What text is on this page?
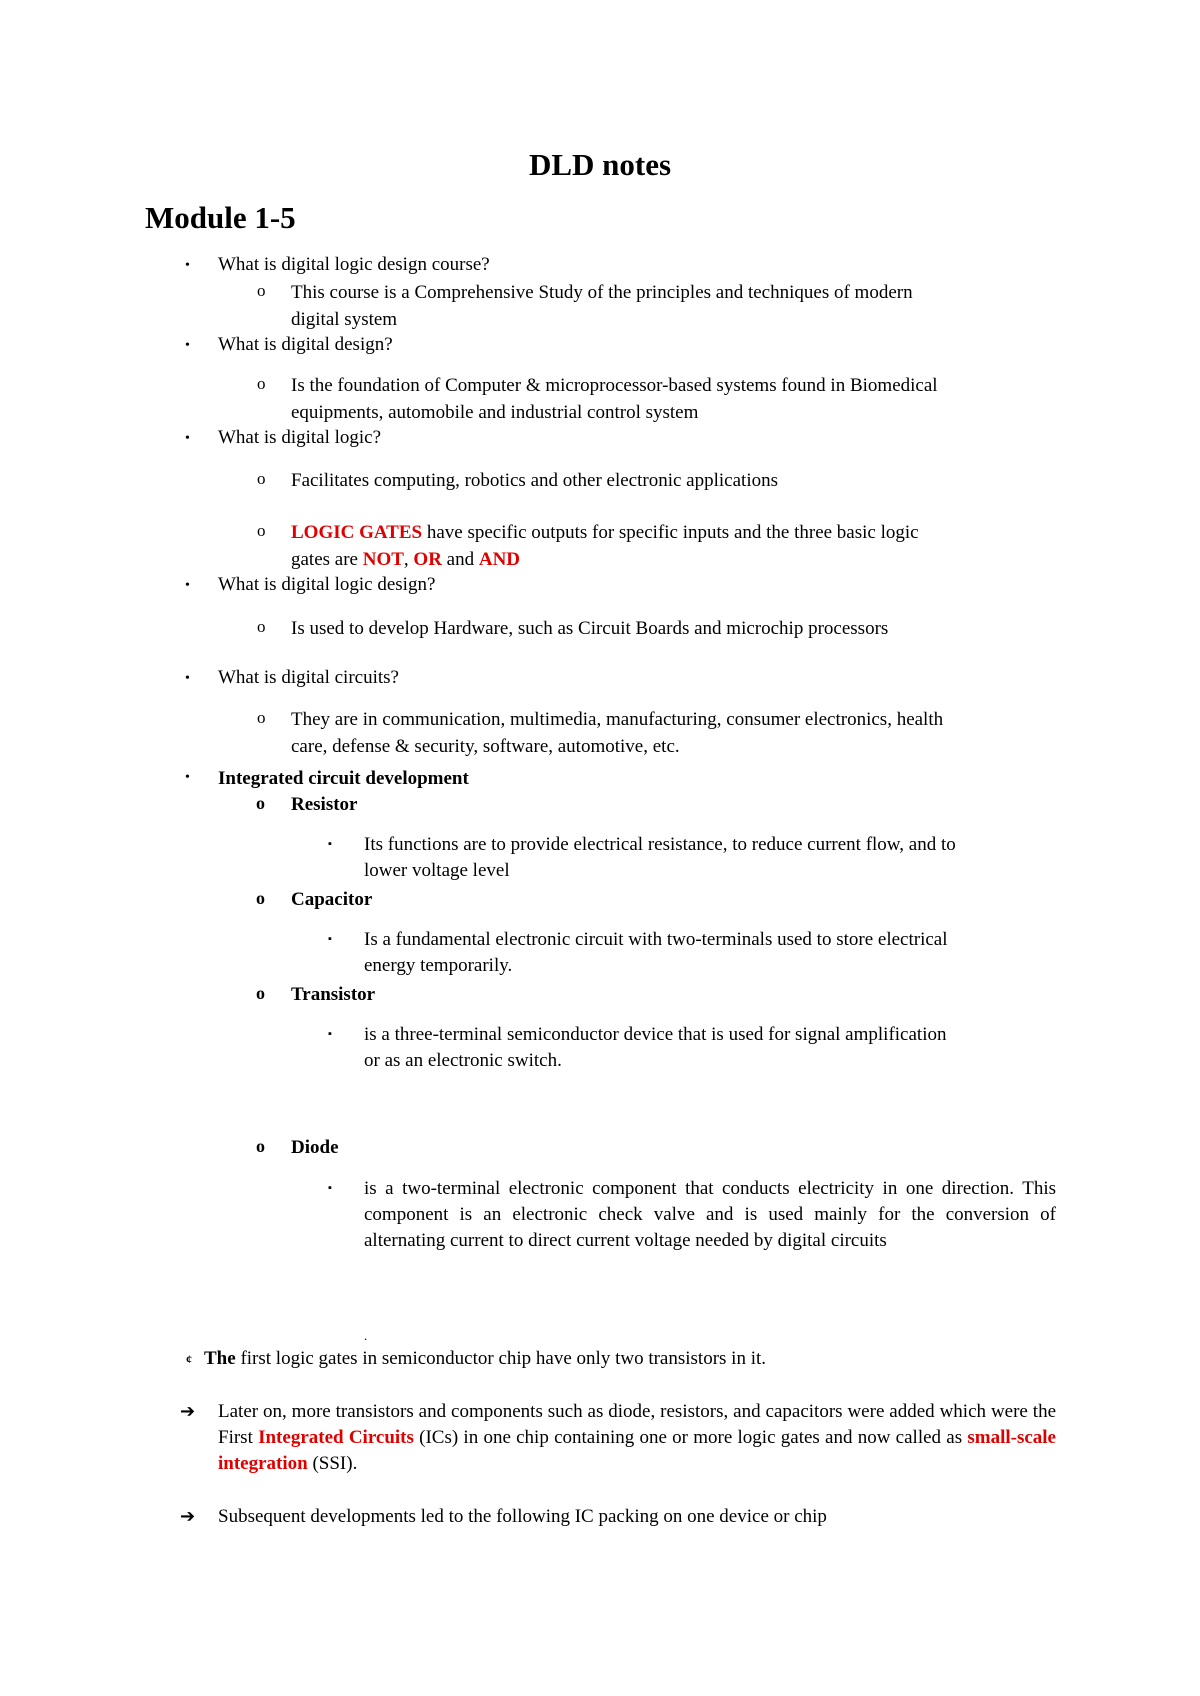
DLD notes
Module 1-5
• What is digital logic design course?
o This course is a Comprehensive Study of the principles and techniques of modern
digital system
• What is digital design?
o Is the foundation of Computer & microprocessor-based systems found in Biomedical
equipments, automobile and industrial control system
• What is digital logic?
o Facilitates computing, robotics and other electronic applications
o LOGIC GATES have specific outputs for specific inputs and the three basic logic
gates are NOT, OR and AND
• What is digital logic design?
o Is used to develop Hardware, such as Circuit Boards and microchip processors
• What is digital circuits?
o They are in communication, multimedia, manufacturing, consumer electronics, health
care, defense & security, software, automotive, etc.
• Integrated circuit development
o Resistor
▪ Its functions are to provide electrical resistance, to reduce current flow, and to
lower voltage level
o Capacitor
▪ Is a fundamental electronic circuit with two-terminals used to store electrical
energy temporarily.
o Transistor
▪ is a three-terminal semiconductor device that is used for signal amplification
or as an electronic switch.
o Diode
▪ is a two-terminal electronic component that conducts electricity in one direction. This component is an electronic check valve and is used mainly for the conversion of alternating current to direct current voltage needed by digital circuits
.
¢ The first logic gates in semiconductor chip have only two transistors in it.
➔ Later on, more transistors and components such as diode, resistors, and capacitors were added which were the First Integrated Circuits (ICs) in one chip containing one or more logic gates and now called as small-scale integration (SSI).
➔ Subsequent developments led to the following IC packing on one device or chip
